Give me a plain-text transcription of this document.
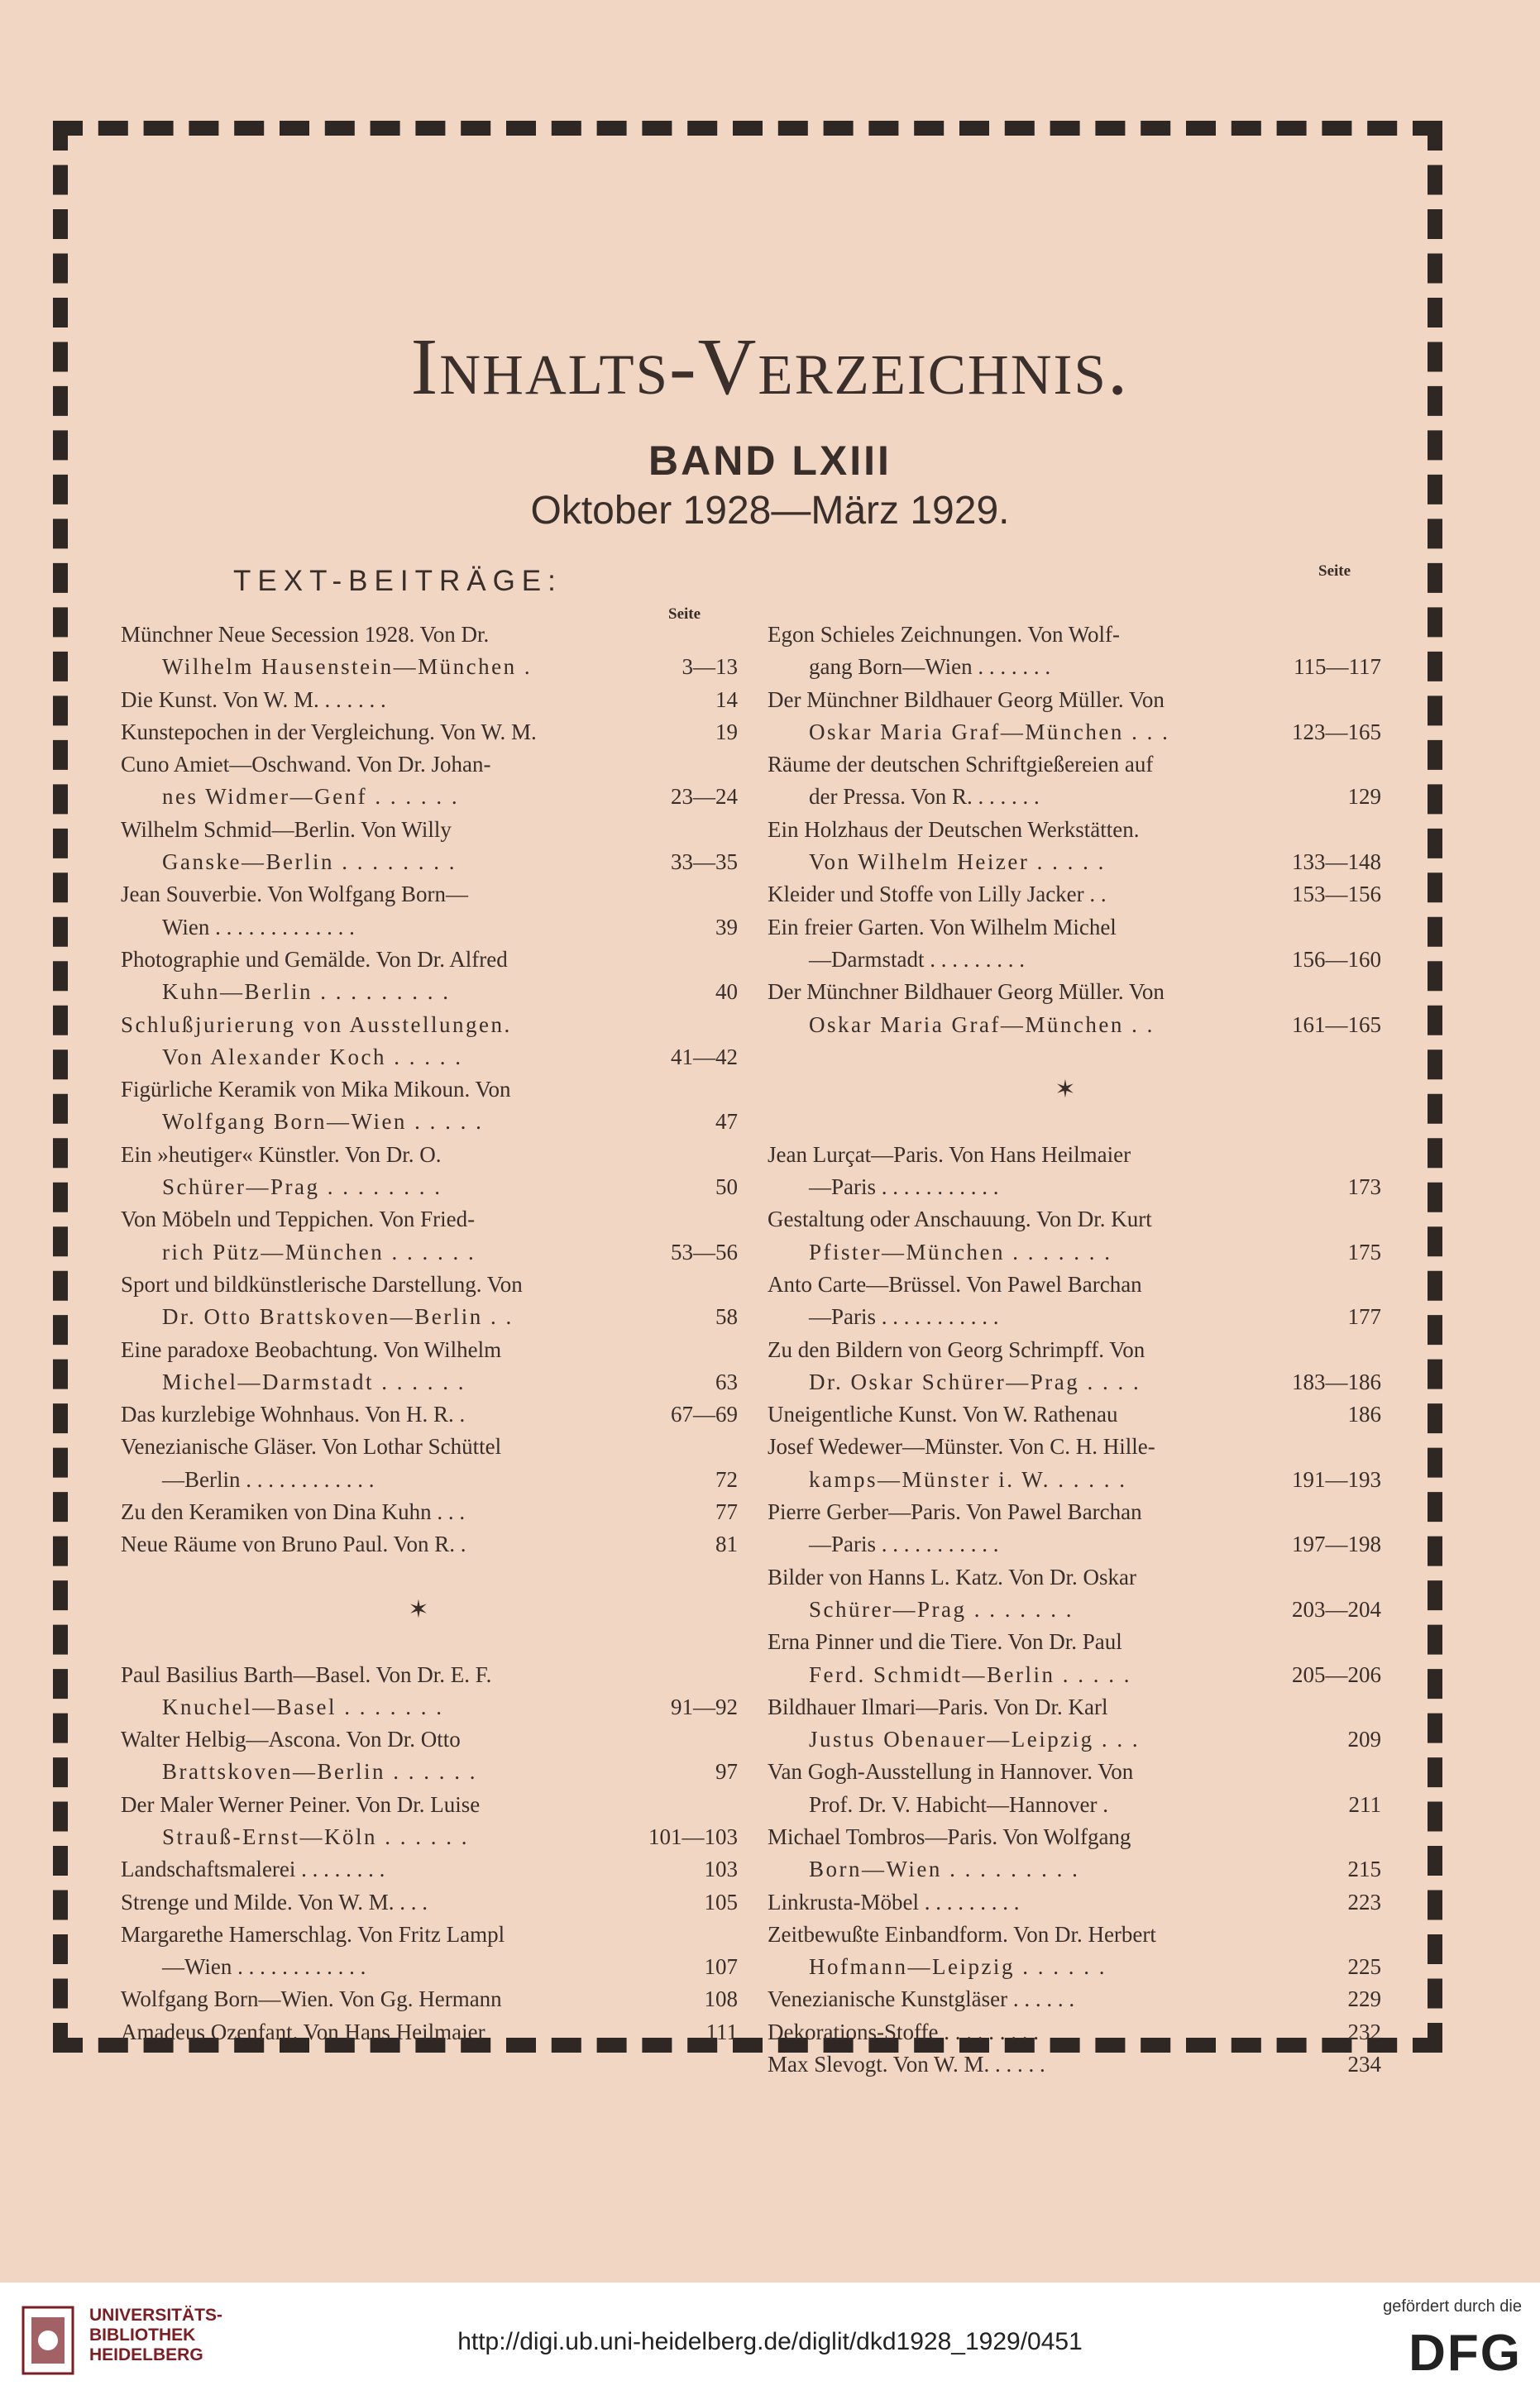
Inhalts-Verzeichnis.
BAND LXIII
Oktober 1928—März 1929.
TEXT-BEITRÄGE:
Seite
Seite
Münchner Neue Secession 1928. Von Dr.
Wilhelm Hausenstein—München .	3—13
Die Kunst. Von W. M. . . . . . .	14
Kunstepochen in der Vergleichung. Von W. M.	19
Cuno Amiet—Oschwand. Von Dr. Johan-
nes Widmer—Genf . . . . . .	23—24
Wilhelm Schmid—Berlin. Von Willy
Ganske—Berlin . . . . . . . .	33—35
Jean Souverbie. Von Wolfgang Born—
Wien . . . . . . . . . . . . .	39
Photographie und Gemälde. Von Dr. Alfred
Kuhn—Berlin . . . . . . . . .	40
Schlußjurierung von Ausstellungen.
Von Alexander Koch . . . . .	41—42
Figürliche Keramik von Mika Mikoun. Von
Wolfgang Born—Wien . . . . .	47
Ein »heutiger« Künstler. Von Dr. O.
Schürer—Prag . . . . . . . .	50
Von Möbeln und Teppichen. Von Fried-
rich Pütz—München . . . . . .	53—56
Sport und bildkünstlerische Darstellung. Von
Dr. Otto Brattskoven—Berlin . .	58
Eine paradoxe Beobachtung. Von Wilhelm
Michel—Darmstadt . . . . . .	63
Das kurzlebige Wohnhaus. Von H. R. .	67—69
Venezianische Gläser. Von Lothar Schüttel
—Berlin . . . . . . . . . . . .	72
Zu den Keramiken von Dina Kuhn . . .	77
Neue Räume von Bruno Paul. Von R. .	81
✶
Paul Basilius Barth—Basel. Von Dr. E. F.
Knuchel—Basel . . . . . . .	91—92
Walter Helbig—Ascona. Von Dr. Otto
Brattskoven—Berlin . . . . . .	97
Der Maler Werner Peiner. Von Dr. Luise
Strauß-Ernst—Köln . . . . . .	101—103
Landschaftsmalerei . . . . . . . .	103
Strenge und Milde. Von W. M. . . .	105
Margarethe Hamerschlag. Von Fritz Lampl
—Wien . . . . . . . . . . . .	107
Wolfgang Born—Wien. Von Gg. Hermann	108
Amadeus Ozenfant. Von Hans Heilmaier	111
Egon Schieles Zeichnungen. Von Wolf-
gang Born—Wien . . . . . . .	115—117
Der Münchner Bildhauer Georg Müller. Von
Oskar Maria Graf—München . . .	123—165
Räume der deutschen Schriftgießereien auf
der Pressa. Von R. . . . . . .	129
Ein Holzhaus der Deutschen Werkstätten.
Von Wilhelm Heizer . . . . .	133—148
Kleider und Stoffe von Lilly Jacker . .	153—156
Ein freier Garten. Von Wilhelm Michel
—Darmstadt . . . . . . . . .	156—160
Der Münchner Bildhauer Georg Müller. Von
Oskar Maria Graf—München . .	161—165
✶
Jean Lurçat—Paris. Von Hans Heilmaier
—Paris . . . . . . . . . . .	173
Gestaltung oder Anschauung. Von Dr. Kurt
Pfister—München . . . . . . .	175
Anto Carte—Brüssel. Von Pawel Barchan
—Paris . . . . . . . . . . .	177
Zu den Bildern von Georg Schrimpff. Von
Dr. Oskar Schürer—Prag . . . .	183—186
Uneigentliche Kunst. Von W. Rathenau	186
Josef Wedewer—Münster. Von C. H. Hille-
kamps—Münster i. W. . . . . .	191—193
Pierre Gerber—Paris. Von Pawel Barchan
—Paris . . . . . . . . . . .	197—198
Bilder von Hanns L. Katz. Von Dr. Oskar
Schürer—Prag . . . . . . .	203—204
Erna Pinner und die Tiere. Von Dr. Paul
Ferd. Schmidt—Berlin . . . . .	205—206
Bildhauer Ilmari—Paris. Von Dr. Karl
Justus Obenauer—Leipzig . . .	209
Van Gogh-Ausstellung in Hannover. Von
Prof. Dr. V. Habicht—Hannover .	211
Michael Tombros—Paris. Von Wolfgang
Born—Wien . . . . . . . . .	215
Linkrusta-Möbel . . . . . . . . .	223
Zeitbewußte Einbandform. Von Dr. Herbert
Hofmann—Leipzig . . . . . .	225
Venezianische Kunstgläser . . . . . .	229
Dekorations-Stoffe . . . . . . . . .	232
Max Slevogt. Von W. M. . . . . .	234
UNIVERSITÄTS-
BIBLIOTHEK
HEIDELBERG	http://digi.ub.uni-heidelberg.de/diglit/dkd1928_1929/0451
gefördert durch die
DFG
